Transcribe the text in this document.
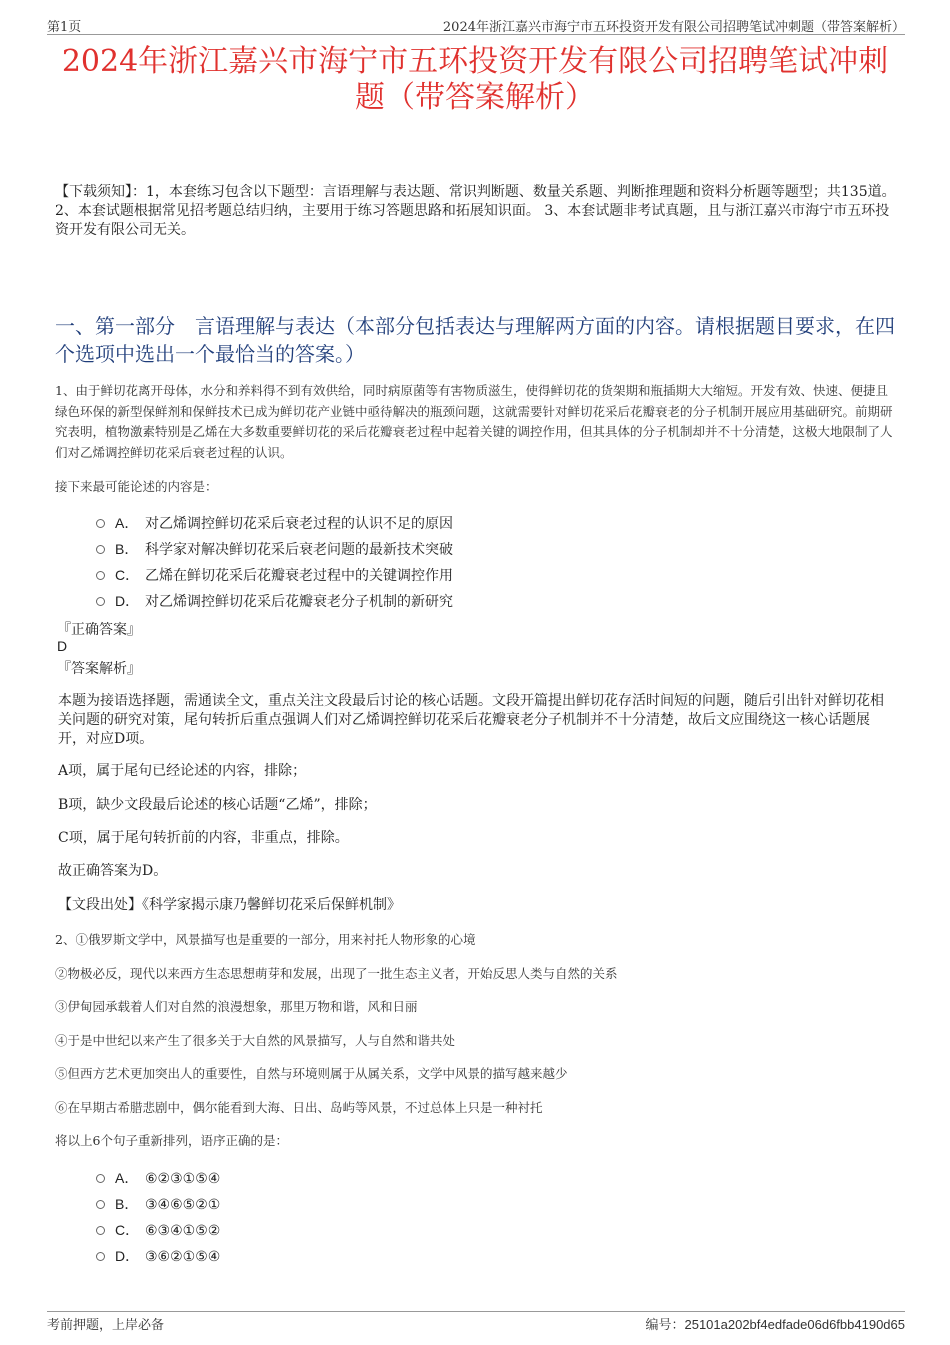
第1页	2024年浙江嘉兴市海宁市五环投资开发有限公司招聘笔试冲刺题（带答案解析）
2024年浙江嘉兴市海宁市五环投资开发有限公司招聘笔试冲刺题（带答案解析）
【下载须知】：1，本套练习包含以下题型：言语理解与表达题、常识判断题、数量关系题、判断推理题和资料分析题等题型；共135道。 2、本套试题根据常见招考题总结归纳，主要用于练习答题思路和拓展知识面。 3、本套试题非考试真题，且与浙江嘉兴市海宁市五环投资开发有限公司无关。
一、第一部分　言语理解与表达（本部分包括表达与理解两方面的内容。请根据题目要求，在四个选项中选出一个最恰当的答案。）
1、由于鲜切花离开母体，水分和养料得不到有效供给，同时病原菌等有害物质滋生，使得鲜切花的货架期和瓶插期大大缩短。开发有效、快速、便捷且绿色环保的新型保鲜剂和保鲜技术已成为鲜切花产业链中亟待解决的瓶颈问题，这就需要针对鲜切花采后花瓣衰老的分子机制开展应用基础研究。前期研究表明，植物激素特别是乙烯在大多数重要鲜切花的采后花瓣衰老过程中起着关键的调控作用，但其具体的分子机制却并不十分清楚，这极大地限制了人们对乙烯调控鲜切花采后衰老过程的认识。
接下来最可能论述的内容是：
A． 对乙烯调控鲜切花采后衰老过程的认识不足的原因
B． 科学家对解决鲜切花采后衰老问题的最新技术突破
C． 乙烯在鲜切花采后花瓣衰老过程中的关键调控作用
D． 对乙烯调控鲜切花采后花瓣衰老分子机制的新研究
『正确答案』
D
『答案解析』
本题为接语选择题，需通读全文，重点关注文段最后讨论的核心话题。文段开篇提出鲜切花存活时间短的问题，随后引出针对鲜切花相关问题的研究对策，尾句转折后重点强调人们对乙烯调控鲜切花采后花瓣衰老分子机制并不十分清楚，故后文应围绕这一核心话题展开，对应D项。
A项，属于尾句已经论述的内容，排除；
B项，缺少文段最后论述的核心话题“乙烯”，排除；
C项，属于尾句转折前的内容，非重点，排除。
故正确答案为D。
【文段出处】《科学家揭示康乃馨鲜切花采后保鲜机制》
2、①俄罗斯文学中，风景描写也是重要的一部分，用来衬托人物形象的心境
②物极必反，现代以来西方生态思想萌芽和发展，出现了一批生态主义者，开始反思人类与自然的关系
③伊甸园承载着人们对自然的浪漫想象，那里万物和谐，风和日丽
④于是中世纪以来产生了很多关于大自然的风景描写，人与自然和谐共处
⑤但西方艺术更加突出人的重要性，自然与环境则属于从属关系，文学中风景的描写越来越少
⑥在早期古希腊悲剧中，偶尔能看到大海、日出、岛屿等风景，不过总体上只是一种衬托
将以上6个句子重新排列，语序正确的是：
A． ⑥②③①⑤④
B． ③④⑥⑤②①
C． ⑥③④①⑤②
D． ③⑥②①⑤④
考前押题，上岸必备	编号：25101a202bf4edfade06d6fbb4190d65
